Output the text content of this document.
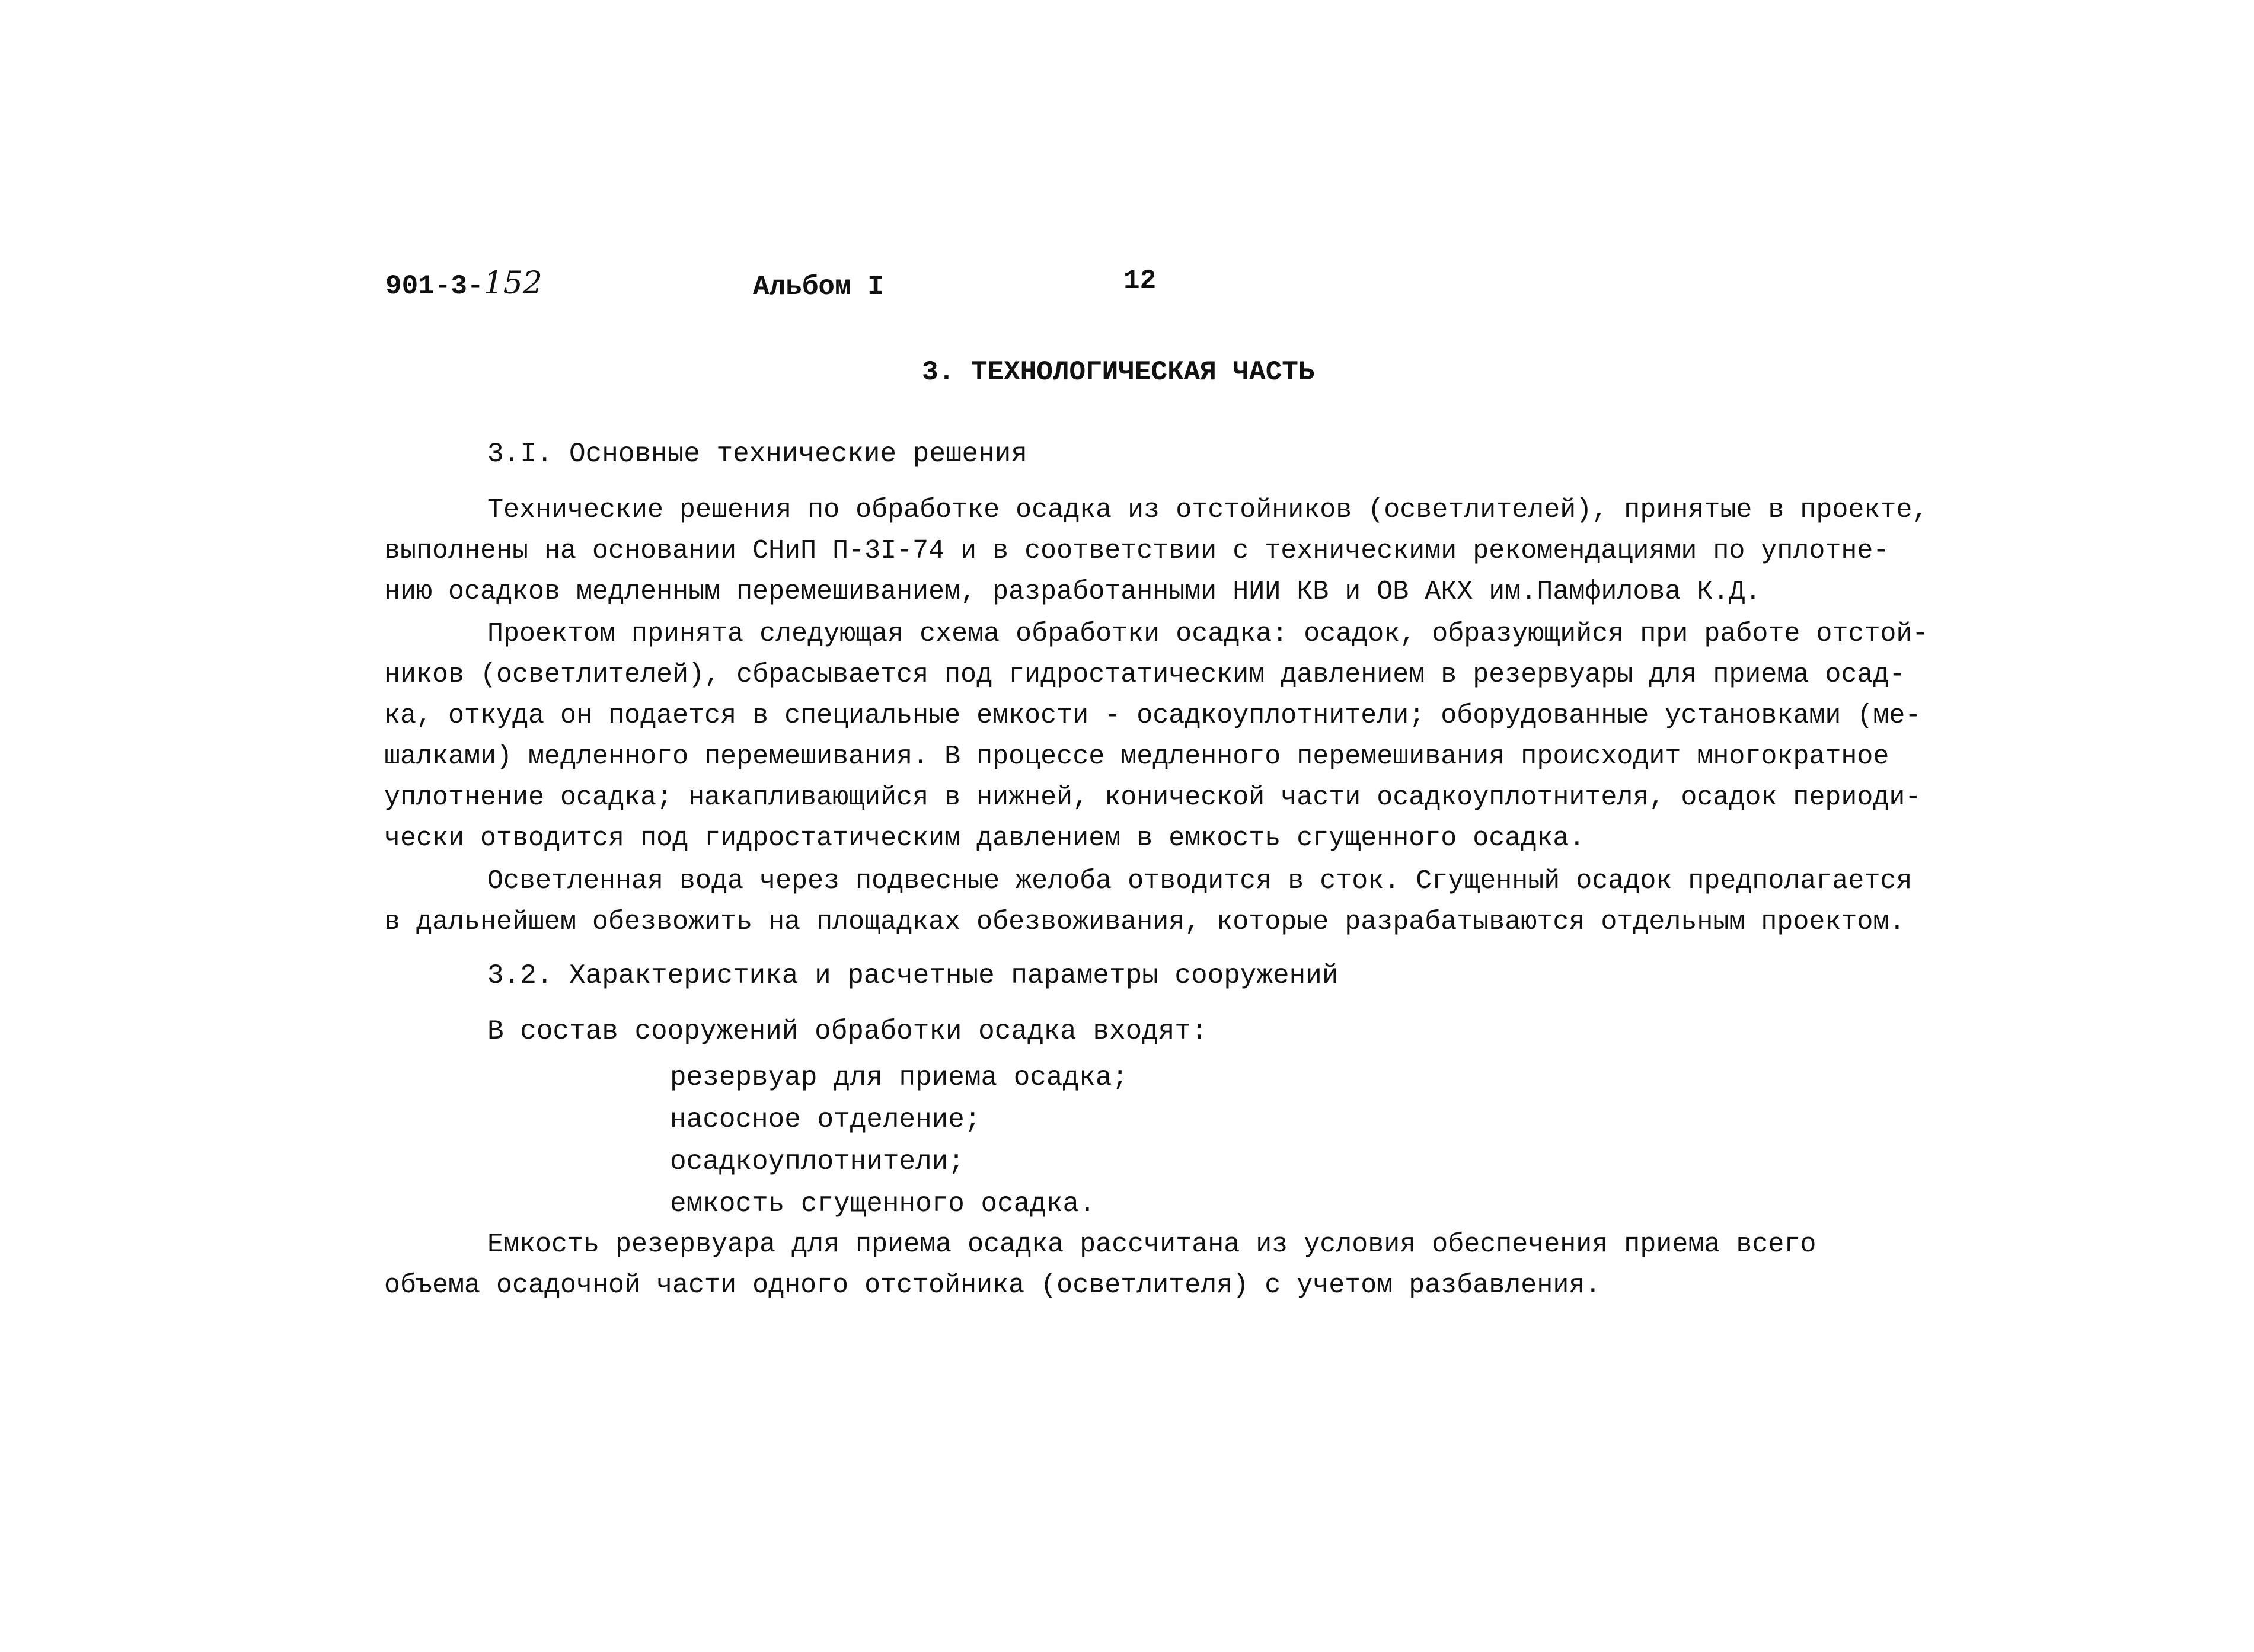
901-3-152	Альбом I	12
3. ТЕХНОЛОГИЧЕСКАЯ ЧАСТЬ
3.I. Основные технические решения
Технические решения по обработке осадка из отстойников (осветлителей), принятые в проекте,
выполнены на основании СНиП П-3I-74 и в соответствии с техническими рекомендациями по уплотне-
нию осадков медленным перемешиванием, разработанными НИИ КВ и ОВ АКХ им.Памфилова К.Д.
Проектом принята следующая схема обработки осадка: осадок, образующийся при работе отстой-
ников (осветлителей), сбрасывается под гидростатическим давлением в резервуары для приема осад-
ка, откуда он подается в специальные емкости - осадкоуплотнители; оборудованные установками (ме-
шалками) медленного перемешивания. В процессе медленного перемешивания происходит многократное
уплотнение осадка; накапливающийся в нижней, конической части осадкоуплотнителя, осадок периоди-
чески отводится под гидростатическим давлением в емкость сгущенного осадка.
Осветленная вода через подвесные желоба отводится в сток. Сгущенный осадок предполагается
в дальнейшем обезвожить на площадках обезвоживания, которые разрабатываются отдельным проектом.
3.2. Характеристика и расчетные параметры сооружений
В состав сооружений обработки осадка входят:
резервуар для приема осадка;
насосное отделение;
осадкоуплотнители;
емкость сгущенного осадка.
Емкость резервуара для приема осадка рассчитана из условия обеспечения приема всего
объема осадочной части одного отстойника (осветлителя) с учетом разбавления.
